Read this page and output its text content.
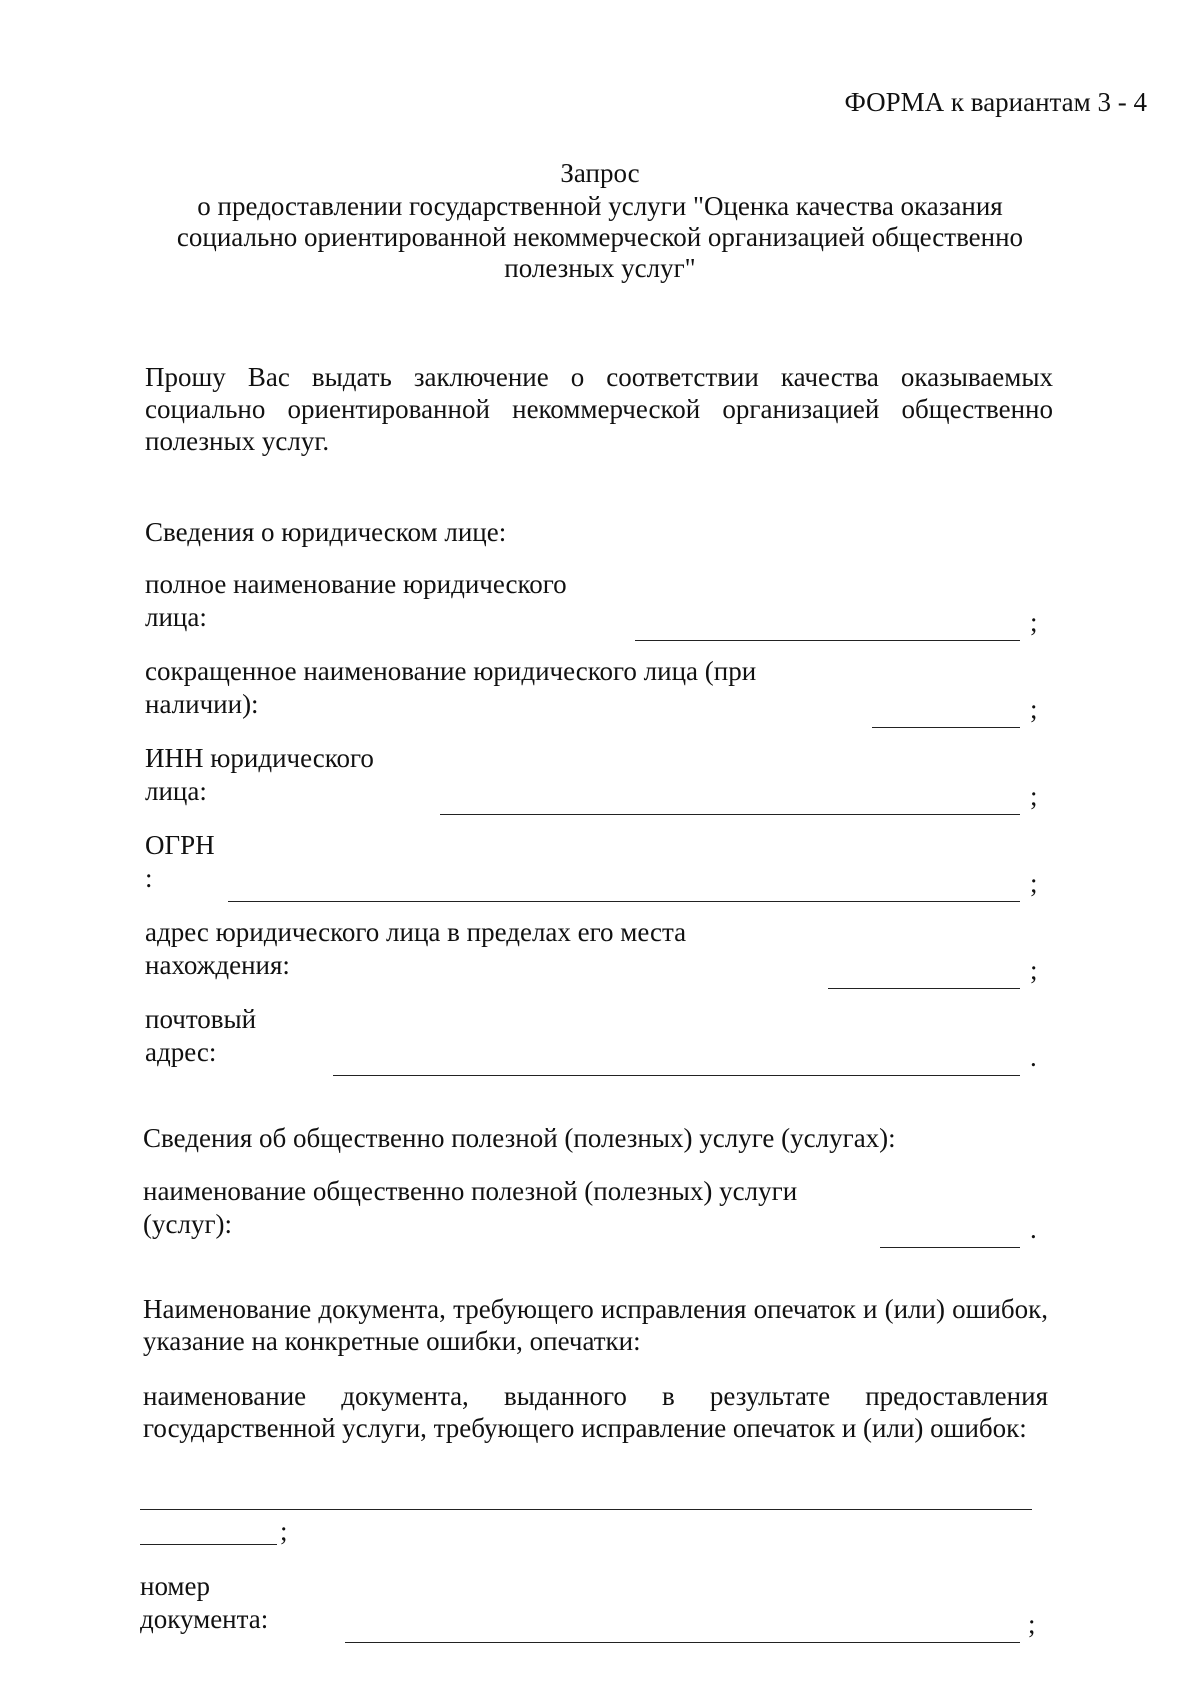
ФОРМА к вариантам 3 - 4
Запрос
о предоставлении государственной услуги "Оценка качества оказания
социально ориентированной некоммерческой организацией общественно
полезных услуг"
Прошу Вас выдать заключение о соответствии качества оказываемых социально ориентированной некоммерческой организацией общественно полезных услуг.
Сведения о юридическом лице:
полное наименование юридического
лица:	;
сокращенное наименование юридического лица (при
наличии):	;
ИНН юридического
лица:	;
ОГРН
:	;
адрес юридического лица в пределах его места
нахождения:	;
почтовый
адрес:	.
Сведения об общественно полезной (полезных) услуге (услугах):
наименование общественно полезной (полезных) услуги
(услуг):	.
Наименование документа, требующего исправления опечаток и (или) ошибок, указание на конкретные ошибки, опечатки:
наименование документа, выданного в результате предоставления государственной услуги, требующего исправление опечаток и (или) ошибок:
;
номер
документа:	;
